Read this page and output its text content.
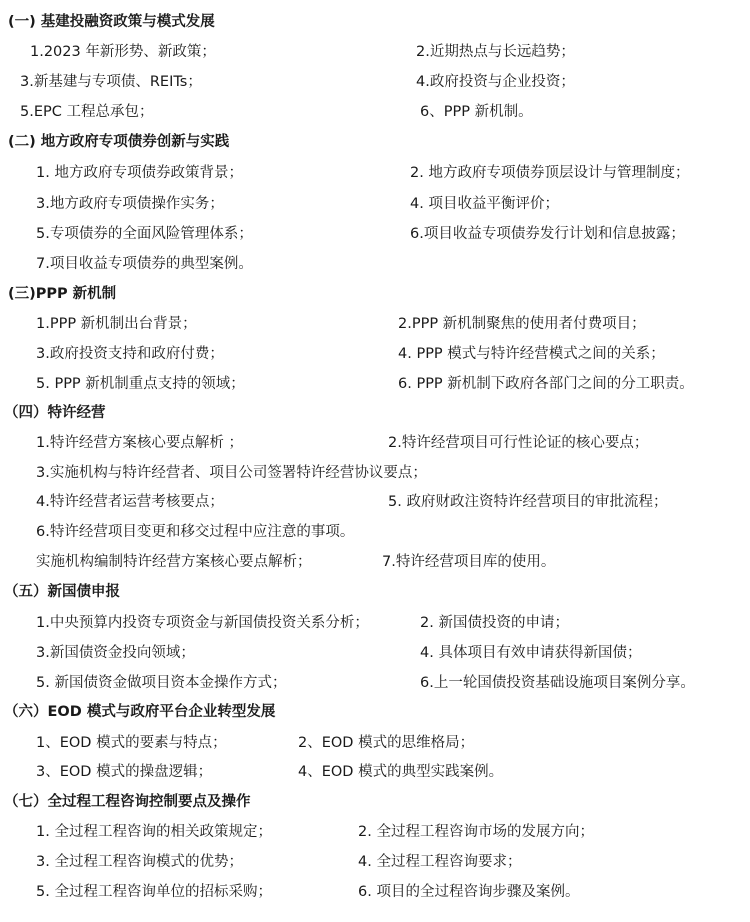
(一) 基建投融资政策与模式发展
1.2023 年新形势、新政策；	2.近期热点与长远趋势；
3.新基建与专项债、REITs；	4.政府投资与企业投资；
5.EPC 工程总承包；	6、PPP 新机制。
(二) 地方政府专项债券创新与实践
1. 地方政府专项债券政策背景；	2. 地方政府专项债券顶层设计与管理制度；
3.地方政府专项债操作实务；	4. 项目收益平衡评价；
5.专项债券的全面风险管理体系；	6.项目收益专项债券发行计划和信息披露；
7.项目收益专项债券的典型案例。
(三)PPP 新机制
1.PPP 新机制出台背景；	2.PPP 新机制聚焦的使用者付费项目；
3.政府投资支持和政府付费；	4. PPP 模式与特许经营模式之间的关系；
5. PPP 新机制重点支持的领域；	6. PPP 新机制下政府各部门之间的分工职责。
（四）特许经营
1.特许经营方案核心要点解析 ；	2.特许经营项目可行性论证的核心要点；
3.实施机构与特许经营者、项目公司签署特许经营协议要点；
4.特许经营者运营考核要点；	5. 政府财政注资特许经营项目的审批流程；
6.特许经营项目变更和移交过程中应注意的事项。
实施机构编制特许经营方案核心要点解析；	7.特许经营项目库的使用。
（五）新国债申报
1.中央预算内投资专项资金与新国债投资关系分析；	2. 新国债投资的申请；
3.新国债资金投向领域；	4. 具体项目有效申请获得新国债；
5. 新国债资金做项目资本金操作方式；	6.上一轮国债投资基础设施项目案例分享。
（六）EOD 模式与政府平台企业转型发展
1、EOD 模式的要素与特点；	2、EOD 模式的思维格局；
3、EOD 模式的操盘逻辑；	4、EOD 模式的典型实践案例。
（七）全过程工程咨询控制要点及操作
1. 全过程工程咨询的相关政策规定；	2. 全过程工程咨询市场的发展方向；
3. 全过程工程咨询模式的优势；	4. 全过程工程咨询要求；
5. 全过程工程咨询单位的招标采购；	6. 项目的全过程咨询步骤及案例。
